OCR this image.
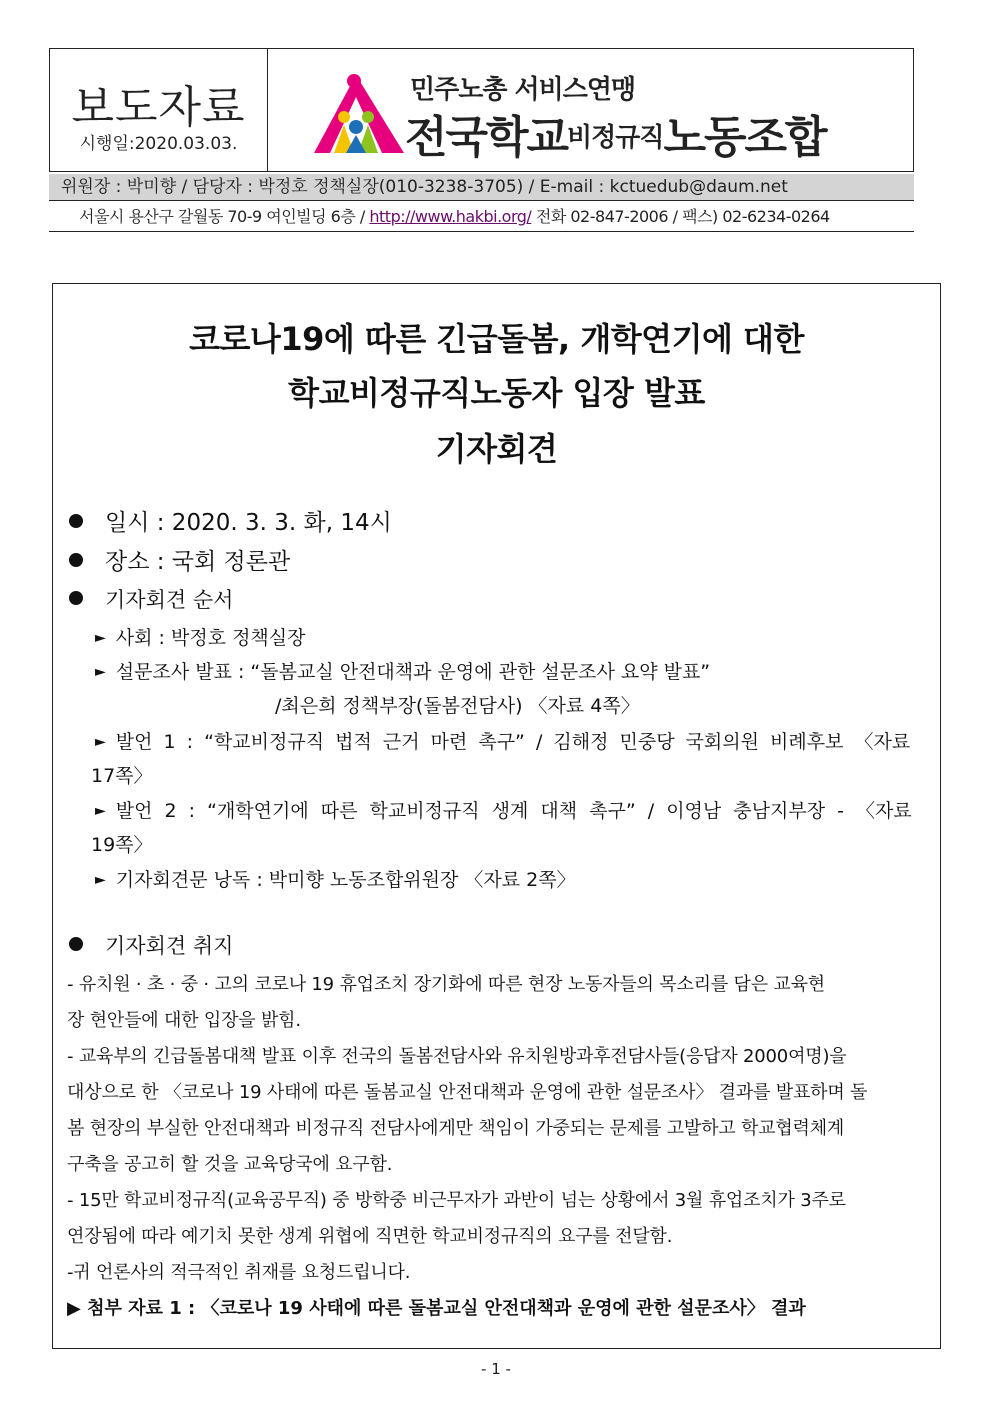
보도자료
시행일:2020.03.03.
민주노총 서비스연맹
전국학교비정규직노동조합
위원장 : 박미향 / 담당자 : 박정호 정책실장(010-3238-3705) / E-mail : kctuedub@daum.net
서울시 용산구 갈월동 70-9 여인빌딩 6층 / http://www.hakbi.org/ 전화 02-847-2006 / 팩스) 02-6234-0264
코로나19에 따른 긴급돌봄, 개학연기에 대한
학교비정규직노동자 입장 발표
기자회견
일시 : 2020. 3. 3. 화, 14시
장소 : 국회 정론관
기자회견 순서
► 사회 : 박정호 정책실장
► 설문조사 발표 : “돌봄교실 안전대책과 운영에 관한 설문조사 요약 발표”
/최은희 정책부장(돌봄전담사) 〈자료 4쪽〉
► 발언 1 : “학교비정규직 법적 근거 마련 촉구” / 김해정 민중당 국회의원 비례후보 〈자료
17쪽〉
► 발언 2 : “개학연기에 따른 학교비정규직 생계 대책 촉구” / 이영남 충남지부장 - 〈자료
19쪽〉
► 기자회견문 낭독 : 박미향 노동조합위원장 〈자료 2쪽〉
기자회견 취지
- 유치원 · 초 · 중 · 고의 코로나 19 휴업조치 장기화에 따른 현장 노동자들의 목소리를 담은 교육현
장 현안들에 대한 입장을 밝힘.
- 교육부의 긴급돌봄대책 발표 이후 전국의 돌봄전담사와 유치원방과후전담사들(응답자 2000여명)을
대상으로 한 〈코로나 19 사태에 따른 돌봄교실 안전대책과 운영에 관한 설문조사〉 결과를 발표하며 돌
봄 현장의 부실한 안전대책과 비정규직 전담사에게만 책임이 가중되는 문제를 고발하고 학교협력체계
구축을 공고히 할 것을 교육당국에 요구함.
- 15만 학교비정규직(교육공무직) 중 방학중 비근무자가 과반이 넘는 상황에서 3월 휴업조치가 3주로
연장됨에 따라 예기치 못한 생계 위협에 직면한 학교비정규직의 요구를 전달함.
-귀 언론사의 적극적인 취재를 요청드립니다.
▶ 첨부 자료 1 : 〈코로나 19 사태에 따른 돌봄교실 안전대책과 운영에 관한 설문조사〉 결과
- 1 -
